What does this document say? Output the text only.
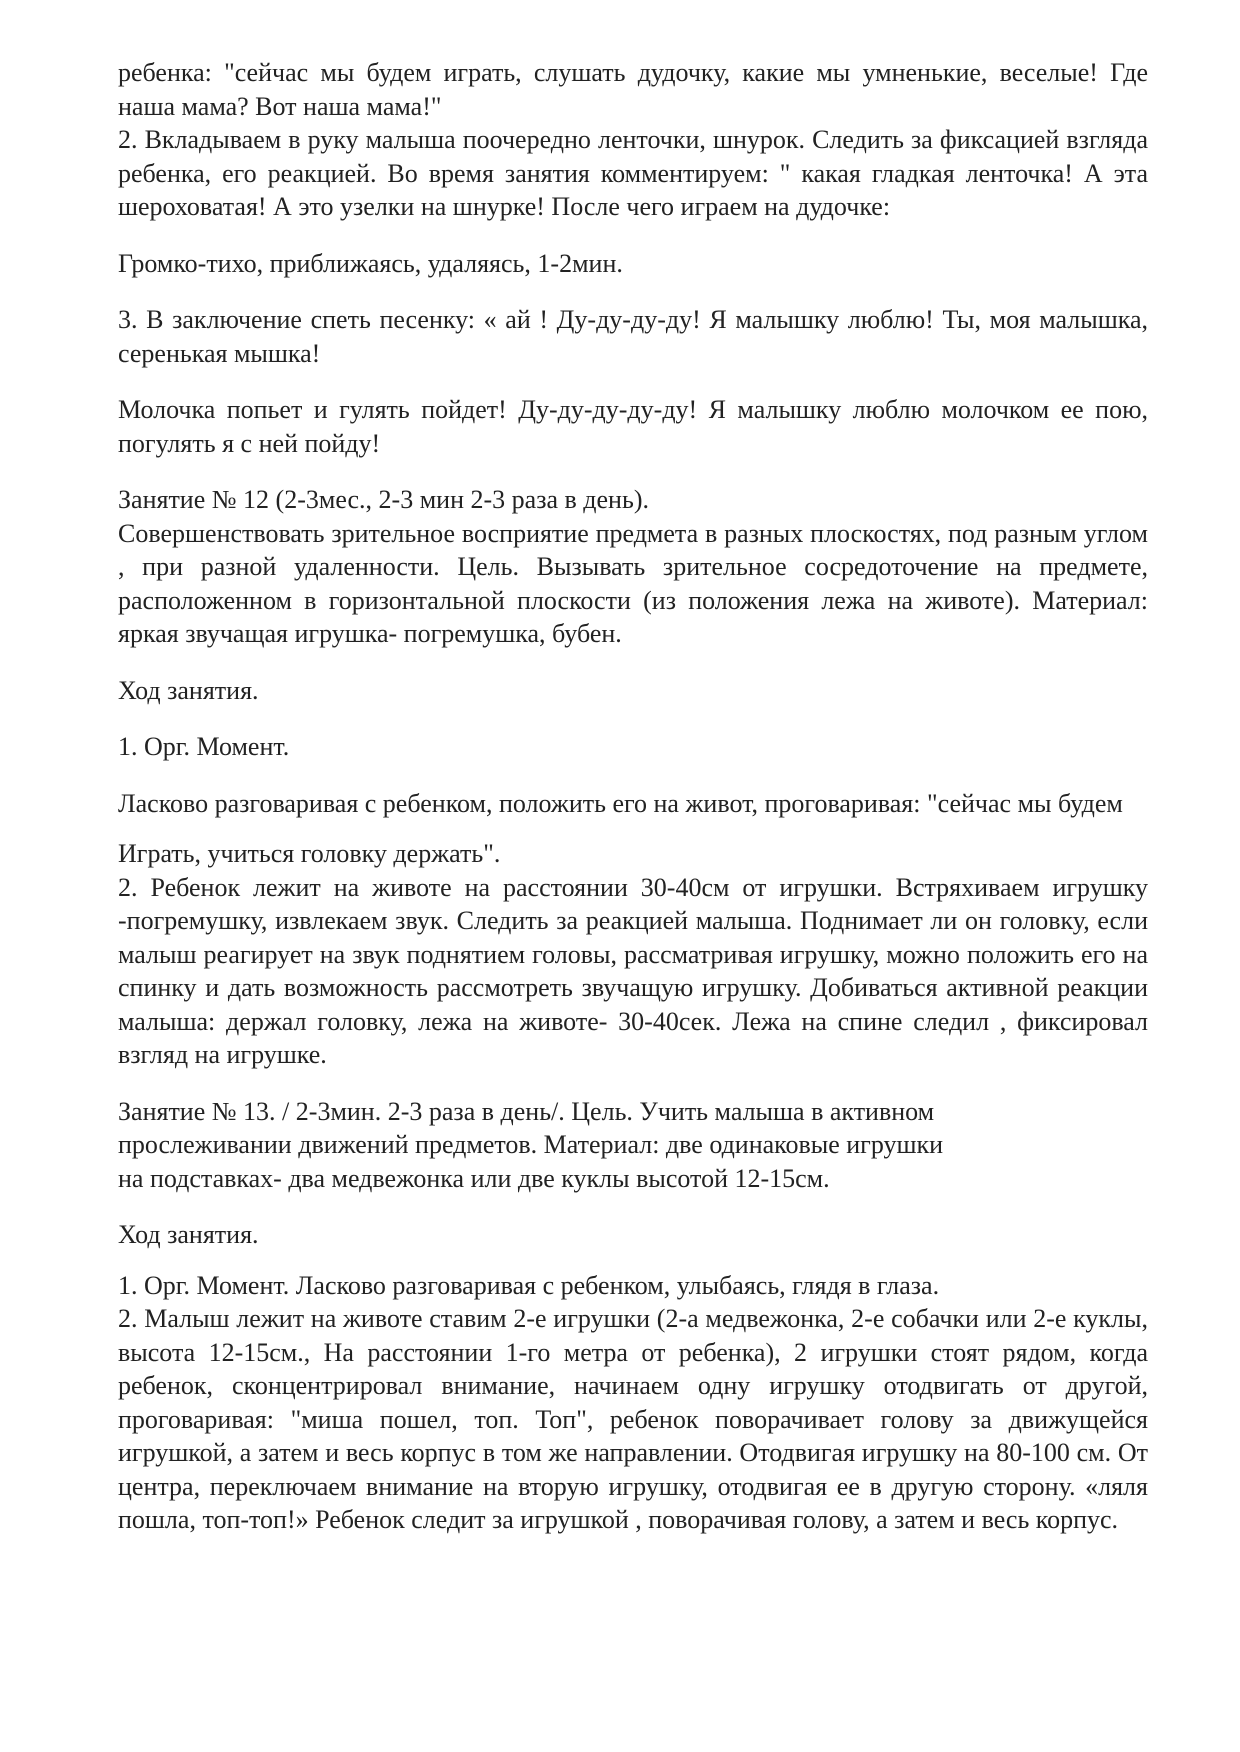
ребенка: "сейчас мы будем играть, слушать дудочку, какие мы умненькие, веселые! Где наша мама? Вот наша мама!"

2. Вкладываем в руку малыша поочередно ленточки, шнурок. Следить за фиксацией взгляда ребенка, его реакцией. Во время занятия комментируем: " какая гладкая ленточка! А эта шероховатая! А это узелки на шнурке! После чего играем на дудочке:

Громко-тихо, приближаясь, удаляясь, 1-2мин.

3. В заключение спеть песенку: « ай ! Ду-ду-ду-ду! Я малышку люблю! Ты, моя малышка, серенькая мышка!

Молочка попьет и гулять пойдет! Ду-ду-ду-ду-ду! Я малышку люблю молочком ее пою, погулять я с ней пойду!

Занятие № 12 (2-3мес., 2-3 мин 2-3 раза в день).

Совершенствовать зрительное восприятие предмета в разных плоскостях, под разным углом , при разной удаленности. Цель. Вызывать зрительное сосредоточение на предмете, расположенном в горизонтальной плоскости (из положения лежа на животе). Материал: яркая звучащая игрушка- погремушка, бубен.

Ход занятия.

1. Орг. Момент.

Ласково разговаривая с ребенком, положить его на живот, проговаривая: "сейчас мы будем

Играть, учиться головку держать".

2. Ребенок лежит на животе на расстоянии 30-40см от игрушки. Встряхиваем игрушку -погремушку, извлекаем звук. Следить за реакцией малыша. Поднимает ли он головку, если малыш реагирует на звук поднятием головы, рассматривая игрушку, можно положить его на спинку и дать возможность рассмотреть звучащую игрушку. Добиваться активной реакции малыша: держал головку, лежа на животе- 30-40сек. Лежа на спине следил , фиксировал взгляд на игрушке.

Занятие № 13. / 2-3мин. 2-3 раза в день/. Цель. Учить малыша в активном
прослеживании движений предметов. Материал: две одинаковые игрушки
на подставках- два медвежонка или две куклы высотой 12-15см.

Ход занятия.

1. Орг. Момент. Ласково разговаривая с ребенком, улыбаясь, глядя в глаза.

2. Малыш лежит на животе ставим 2-е игрушки (2-а медвежонка, 2-е собачки или 2-е куклы, высота 12-15см., На расстоянии 1-го метра от ребенка), 2 игрушки стоят рядом, когда ребенок, сконцентрировал внимание, начинаем одну игрушку отодвигать от другой, проговаривая: "миша пошел, топ. Топ", ребенок поворачивает голову за движущейся игрушкой, а затем и весь корпус в том же направлении. Отодвигая игрушку на 80-100 см. От центра, переключаем внимание на вторую игрушку, отодвигая ее в другую сторону. «ляля пошла, топ-топ!» Ребенок следит за игрушкой , поворачивая голову, а затем и весь корпус.
